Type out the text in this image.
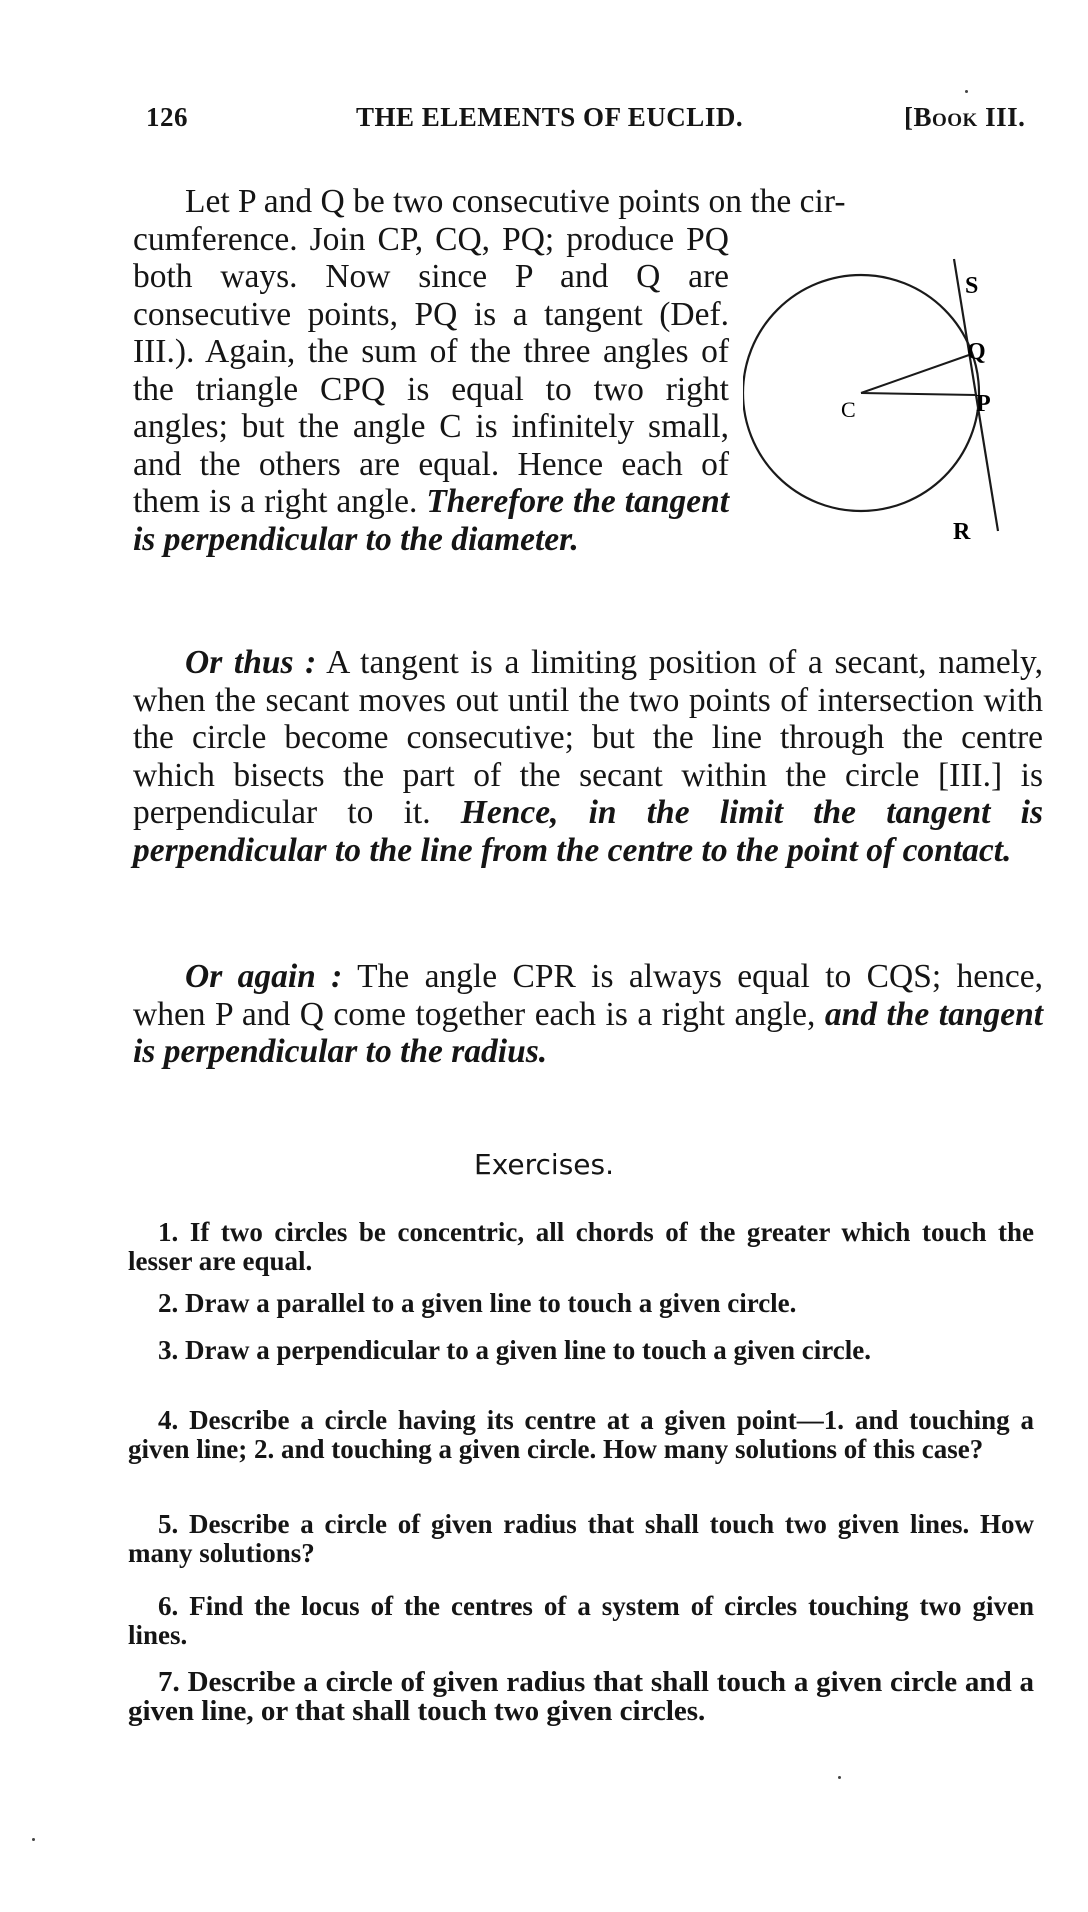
126	THE ELEMENTS OF EUCLID.	[Book III.

Let P and Q be two consecutive points on the cir-

S
Q
P
C
R

cumference. Join CP, CQ, PQ; produce PQ both ways. Now since P and Q are consecutive points, PQ is a tangent (Def. III.). Again, the sum of the three angles of the triangle CPQ is equal to two right angles; but the angle C is infinitely small, and the others are equal. Hence each of them is a right angle. Therefore the tangent is perpendicular to the diameter.

Or thus : A tangent is a limiting position of a secant, namely, when the secant moves out until the two points of intersection with the circle become consecutive; but the line through the centre which bisects the part of the secant within the circle [III.] is perpendicular to it. Hence, in the limit the tangent is perpendicular to the line from the centre to the point of contact.

Or again : The angle CPR is always equal to CQS; hence, when P and Q come together each is a right angle, and the tangent is perpendicular to the radius.

Exercises.
1. If two circles be concentric, all chords of the greater which touch the lesser are equal.
2. Draw a parallel to a given line to touch a given circle.
3. Draw a perpendicular to a given line to touch a given circle.
4. Describe a circle having its centre at a given point—1. and touching a given line; 2. and touching a given circle. How many solutions of this case?
5. Describe a circle of given radius that shall touch two given lines. How many solutions?
6. Find the locus of the centres of a system of circles touching two given lines.
7. Describe a circle of given radius that shall touch a given circle and a given line, or that shall touch two given circles.
